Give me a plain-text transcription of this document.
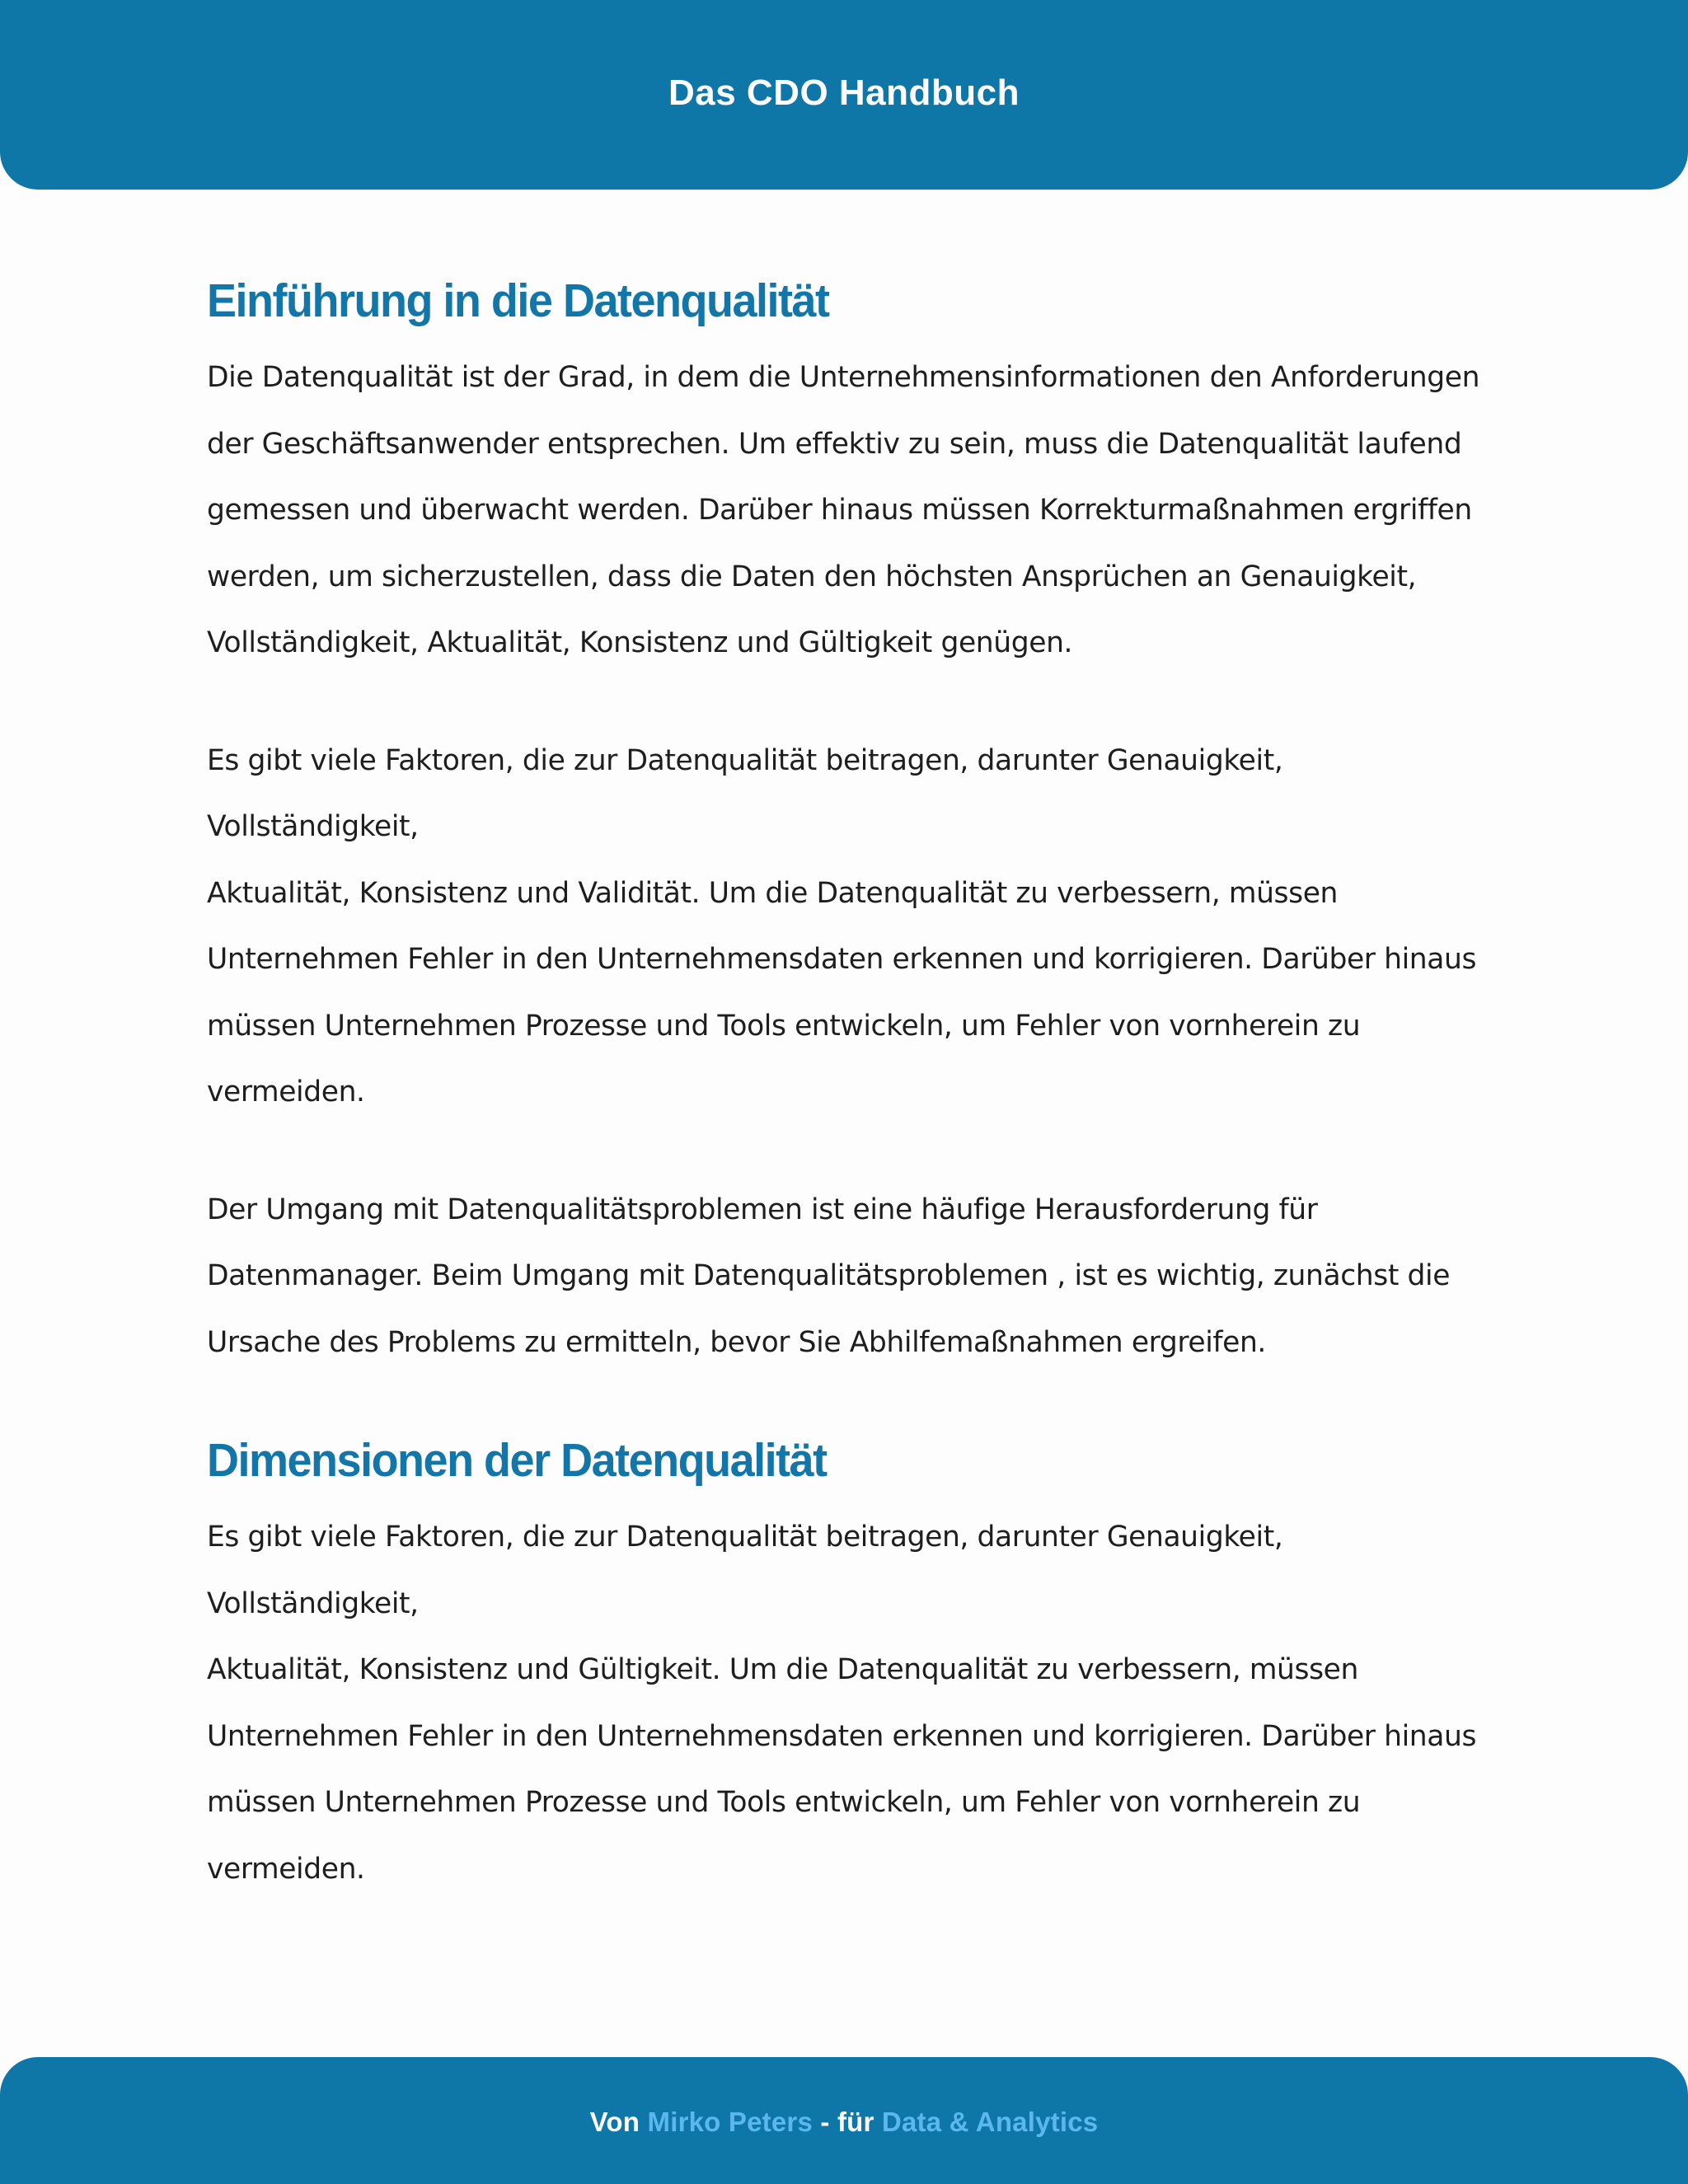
Das CDO Handbuch
Einführung in die Datenqualität

Die Datenqualität ist der Grad, in dem die Unternehmensinformationen den Anforderungen
der Geschäftsanwender entsprechen. Um effektiv zu sein, muss die Datenqualität laufend
gemessen und überwacht werden. Darüber hinaus müssen Korrekturmaßnahmen ergriffen
werden, um sicherzustellen, dass die Daten den höchsten Ansprüchen an Genauigkeit,
Vollständigkeit, Aktualität, Konsistenz und Gültigkeit genügen.

Es gibt viele Faktoren, die zur Datenqualität beitragen, darunter Genauigkeit, Vollständigkeit,
Aktualität, Konsistenz und Validität. Um die Datenqualität zu verbessern, müssen
Unternehmen Fehler in den Unternehmensdaten erkennen und korrigieren. Darüber hinaus
müssen Unternehmen Prozesse und Tools entwickeln, um Fehler von vornherein zu
vermeiden.

Der Umgang mit Datenqualitätsproblemen ist eine häufige Herausforderung für
Datenmanager. Beim Umgang mit Datenqualitätsproblemen , ist es wichtig, zunächst die
Ursache des Problems zu ermitteln, bevor Sie Abhilfemaßnahmen ergreifen.

Dimensionen der Datenqualität

Es gibt viele Faktoren, die zur Datenqualität beitragen, darunter Genauigkeit, Vollständigkeit,
Aktualität, Konsistenz und Gültigkeit. Um die Datenqualität zu verbessern, müssen
Unternehmen Fehler in den Unternehmensdaten erkennen und korrigieren. Darüber hinaus
müssen Unternehmen Prozesse und Tools entwickeln, um Fehler von vornherein zu
vermeiden.

Von Mirko Peters - für Data & Analytics
